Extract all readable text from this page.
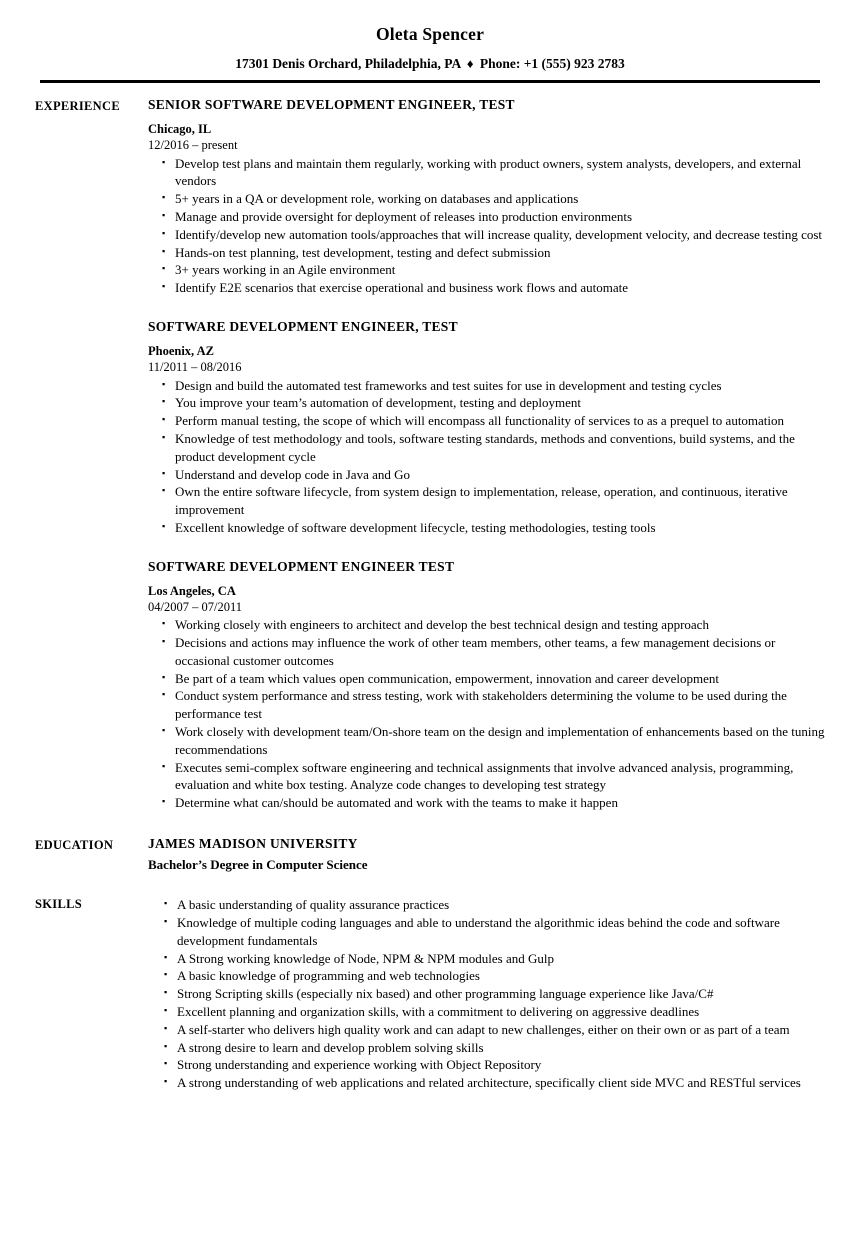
Oleta Spencer
17301 Denis Orchard, Philadelphia, PA ♦ Phone: +1 (555) 923 2783
EXPERIENCE	SENIOR SOFTWARE DEVELOPMENT ENGINEER, TEST
Chicago, IL
12/2016 – present
▪ Develop test plans and maintain them regularly, working with product owners, system analysts, developers, and external vendors
▪ 5+ years in a QA or development role, working on databases and applications
▪ Manage and provide oversight for deployment of releases into production environments
▪ Identify/develop new automation tools/approaches that will increase quality, development velocity, and decrease testing cost
▪ Hands-on test planning, test development, testing and defect submission
▪ 3+ years working in an Agile environment
▪ Identify E2E scenarios that exercise operational and business work flows and automate
SOFTWARE DEVELOPMENT ENGINEER, TEST
Phoenix, AZ
11/2011 – 08/2016
▪ Design and build the automated test frameworks and test suites for use in development and testing cycles
▪ You improve your team’s automation of development, testing and deployment
▪ Perform manual testing, the scope of which will encompass all functionality of services to as a prequel to automation
▪ Knowledge of test methodology and tools, software testing standards, methods and conventions, build systems, and the product development cycle
▪ Understand and develop code in Java and Go
▪ Own the entire software lifecycle, from system design to implementation, release, operation, and continuous, iterative improvement
▪ Excellent knowledge of software development lifecycle, testing methodologies, testing tools
SOFTWARE DEVELOPMENT ENGINEER TEST
Los Angeles, CA
04/2007 – 07/2011
▪ Working closely with engineers to architect and develop the best technical design and testing approach
▪ Decisions and actions may influence the work of other team members, other teams, a few management decisions or occasional customer outcomes
▪ Be part of a team which values open communication, empowerment, innovation and career development
▪ Conduct system performance and stress testing, work with stakeholders determining the volume to be used during the performance test
▪ Work closely with development team/On-shore team on the design and implementation of enhancements based on the tuning recommendations
▪ Executes semi-complex software engineering and technical assignments that involve advanced analysis, programming, evaluation and white box testing. Analyze code changes to developing test strategy
▪ Determine what can/should be automated and work with the teams to make it happen
EDUCATION	JAMES MADISON UNIVERSITY
Bachelor’s Degree in Computer Science
SKILLS	▪ A basic understanding of quality assurance practices
▪ Knowledge of multiple coding languages and able to understand the algorithmic ideas behind the code and software development fundamentals
▪ A Strong working knowledge of Node, NPM & NPM modules and Gulp
▪ A basic knowledge of programming and web technologies
▪ Strong Scripting skills (especially nix based) and other programming language experience like Java/C#
▪ Excellent planning and organization skills, with a commitment to delivering on aggressive deadlines
▪ A self-starter who delivers high quality work and can adapt to new challenges, either on their own or as part of a team
▪ A strong desire to learn and develop problem solving skills
▪ Strong understanding and experience working with Object Repository
▪ A strong understanding of web applications and related architecture, specifically client side MVC and RESTful services
